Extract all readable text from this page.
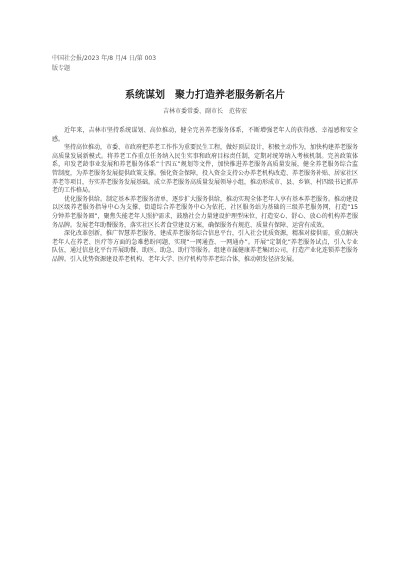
中国社会报/2023 年/8 月/4 日/第 003
版专题
系统谋划　聚力打造养老服务新名片
吉林市委常委、副市长　范传宏

近年来，吉林市坚持系统谋划、高位推动，健全完善养老服务体系，不断增强老年人的获得感、幸福感和安全感。

坚持高位推动，市委、市政府把养老工作作为重要民生工程，做好顶层设计，积极主动作为，加快构建养老服务高质量发展新模式。将养老工作重点任务纳入民生实事和政府目标责任制，定期对统筹纳入考核机制。完善政策体系，印发老龄事业发展和养老服务体系“十四五”规划等文件，加快推进养老服务高质量发展，健全养老服务综合监管制度，为养老服务发展提供政策支撑。强化资金保障，投入资金支持公办养老机构改造、养老服务补贴、居家社区养老等项目，夯实养老服务发展基础。成立养老服务高质量发展领导小组，推动形成市、县、乡镇、村四级书记抓养老的工作格局。

优化服务供给。制定基本养老服务清单，逐步扩大服务供给，推动实现全体老年人享有基本养老服务。推动建设以区级养老服务指导中心为支撑、街道综合养老服务中心为依托、社区服务站为基础的三级养老服务网，打造“15 分钟养老服务圈”，聚焦失能老年人照护需求，鼓励社会力量建设护理型床位，打造安心、舒心、放心的机构养老服务品牌。发展老年助餐服务，落实社区长者食堂建设方案，确保服务有规范、质量有保障、运营有成效。

深化改革创新，推广智慧养老服务，建成养老服务综合信息平台，引入社会优质资源，精准对接供需，重点解决老年人在养老、医疗等方面的急难愁盼问题，实现“一网通查、一网通办”。开展“定制化”养老服务试点，引入专业队伍，通过信息化平台开展助餐、助医、助急、助行等服务。组建市属健康养老集团公司，打造产业化连锁养老服务品牌。引入优势资源建设养老机构、老年大学、医疗机构等养老综合体，推动朝发径济发展。
